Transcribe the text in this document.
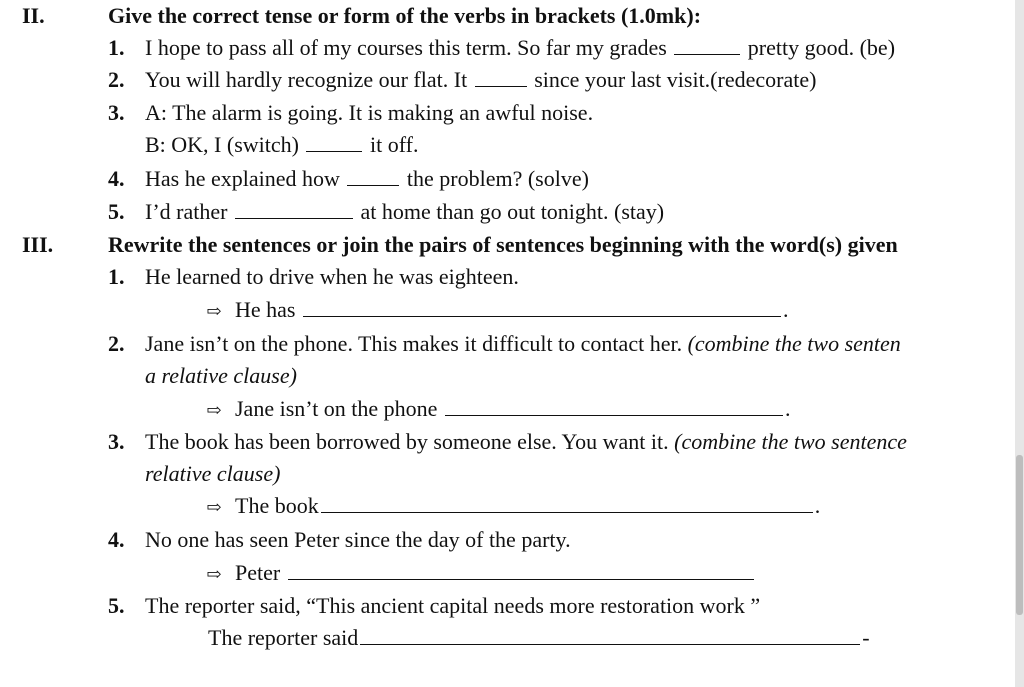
II.	Give the correct tense or form of the verbs in brackets (1.0mk):
1. I hope to pass all of my courses this term. So far my grades	pretty good. (be)
2. You will hardly recognize our flat. It	since your last visit.(redecorate)
3. A: The alarm is going. It is making an awful noise.
B: OK, I (switch)	it off.
4. Has he explained how	the problem? (solve)
5. I’d rather	at home than go out tonight. (stay)
III. Rewrite the sentences or join the pairs of sentences beginning with the word(s) given
1. He learned to drive when he was eighteen.
⇨ He has	.
2. Jane isn’t on the phone. This makes it difficult to contact her. (combine the two senten
a relative clause)
⇨ Jane isn’t on the phone	.
3. The book has been borrowed by someone else. You want it. (combine the two sentence
relative clause)
⇨ The book	.
4. No one has seen Peter since the day of the party.
⇨ Peter
5. The reporter said, “This ancient capital needs more restoration work ”
The reporter said	-
